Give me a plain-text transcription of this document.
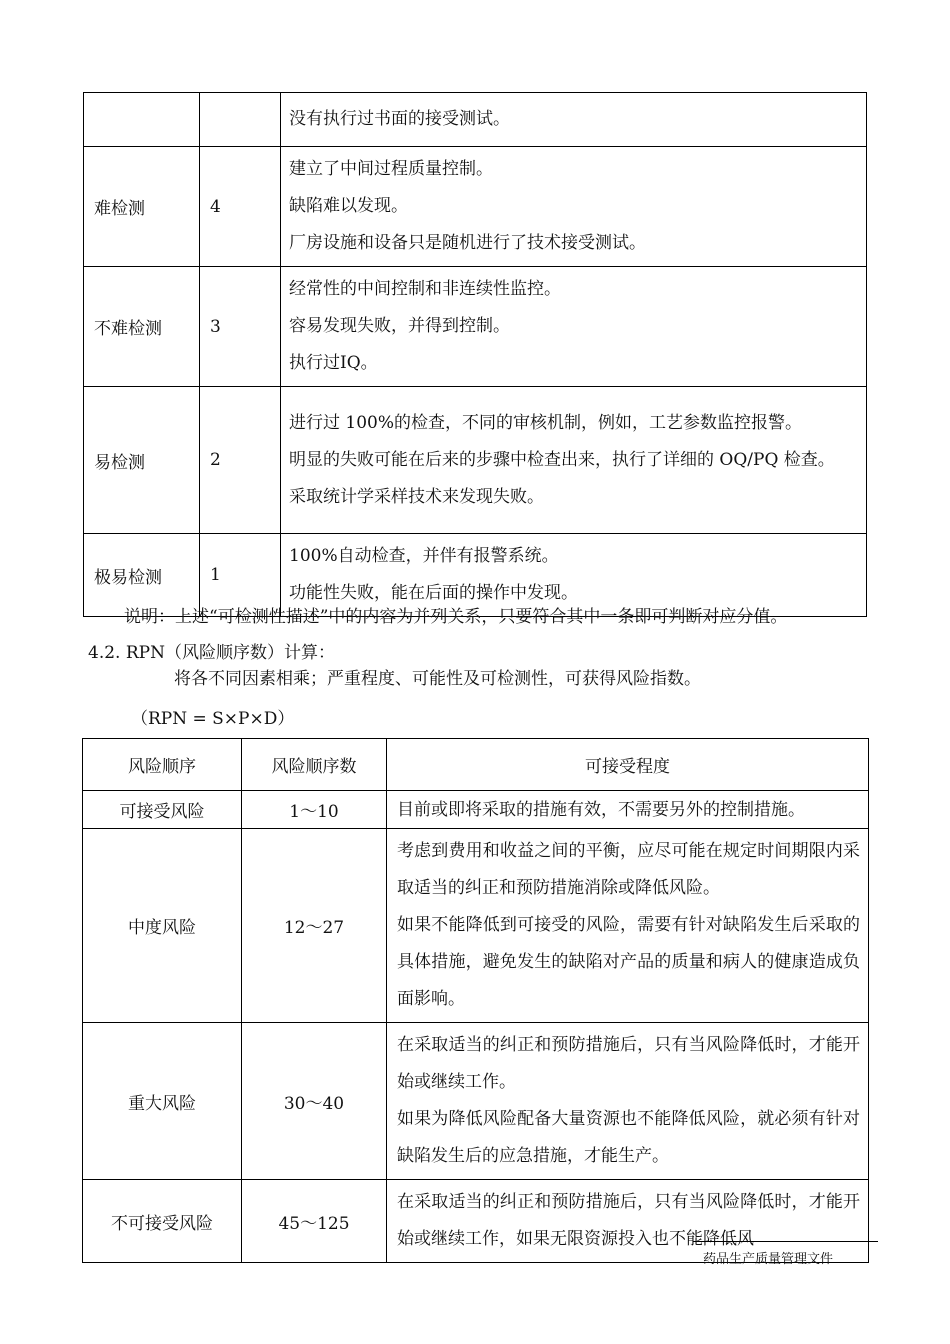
		没有执行过书面的接受测试。

难检测	4	建立了中间过程质量控制。
缺陷难以发现。
厂房设施和设备只是随机进行了技术接受测试。

不难检测	3	经常性的中间控制和非连续性监控。
容易发现失败，并得到控制。
执行过IQ。

易检测	2	进行过 100%的检查，不同的审核机制，例如，工艺参数监控报警。
明显的失败可能在后来的步骤中检查出来，执行了详细的 OQ/PQ 检查。
采取统计学采样技术来发现失败。

极易检测	1	100%自动检查，并伴有报警系统。
功能性失败，能在后面的操作中发现。
说明：上述“可检测性描述”中的内容为并列关系，只要符合其中一条即可判断对应分值。
4.2. RPN（风险顺序数）计算：
将各不同因素相乘；严重程度、可能性及可检测性，可获得风险指数。
（RPN = S×P×D）
风险顺序	风险顺序数	可接受程度
可接受风险	1～10	目前或即将采取的措施有效，不需要另外的控制措施。

中度风险	12～27	考虑到费用和收益之间的平衡，应尽可能在规定时间期限内采取适当的纠正和预防措施消除或降低风险。
如果不能降低到可接受的风险，需要有针对缺陷发生后采取的具体措施，避免发生的缺陷对产品的质量和病人的健康造成负面影响。

重大风险	30～40	在采取适当的纠正和预防措施后，只有当风险降低时，才能开始或继续工作。
如果为降低风险配备大量资源也不能降低风险，就必须有针对缺陷发生后的应急措施，才能生产。

不可接受风险	45～125	在采取适当的纠正和预防措施后，只有当风险降低时，才能开始或继续工作，如果无限资源投入也不能降低风
药品生产质量管理文件
